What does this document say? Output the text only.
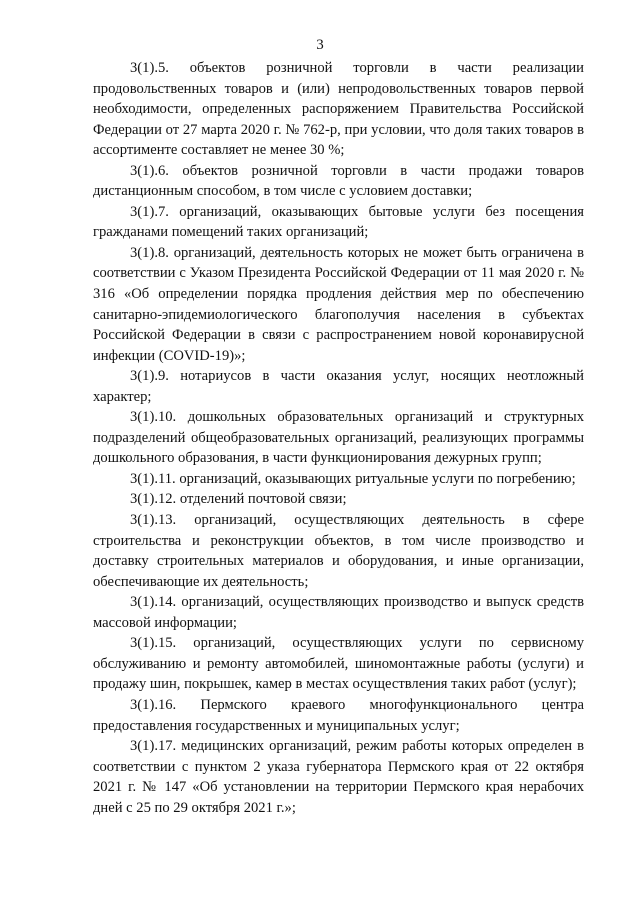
3

3(1).5. объектов розничной торговли в части реализации продовольственных товаров и (или) непродовольственных товаров первой необходимости, определенных распоряжением Правительства Российской Федерации от 27 марта 2020 г. № 762-р, при условии, что доля таких товаров в ассортименте составляет не менее 30 %;

3(1).6. объектов розничной торговли в части продажи товаров дистанционным способом, в том числе с условием доставки;

3(1).7. организаций, оказывающих бытовые услуги без посещения гражданами помещений таких организаций;

3(1).8. организаций, деятельность которых не может быть ограничена в соответствии с Указом Президента Российской Федерации от 11 мая 2020 г. № 316 «Об определении порядка продления действия мер по обеспечению санитарно-эпидемиологического благополучия населения в субъектах Российской Федерации в связи с распространением новой коронавирусной инфекции (COVID-19)»;

3(1).9. нотариусов в части оказания услуг, носящих неотложный характер;

3(1).10. дошкольных образовательных организаций и структурных подразделений общеобразовательных организаций, реализующих программы дошкольного образования, в части функционирования дежурных групп;

3(1).11. организаций, оказывающих ритуальные услуги по погребению;

3(1).12. отделений почтовой связи;

3(1).13. организаций, осуществляющих деятельность в сфере строительства и реконструкции объектов, в том числе производство и доставку строительных материалов и оборудования, и иные организации, обеспечивающие их деятельность;

3(1).14. организаций, осуществляющих производство и выпуск средств массовой информации;

3(1).15. организаций, осуществляющих услуги по сервисному обслуживанию и ремонту автомобилей, шиномонтажные работы (услуги) и продажу шин, покрышек, камер в местах осуществления таких работ (услуг);

3(1).16. Пермского краевого многофункционального центра предоставления государственных и муниципальных услуг;

3(1).17. медицинских организаций, режим работы которых определен в соответствии с пунктом 2 указа губернатора Пермского края от 22 октября 2021 г. № 147 «Об установлении на территории Пермского края нерабочих дней с 25 по 29 октября 2021 г.»;
